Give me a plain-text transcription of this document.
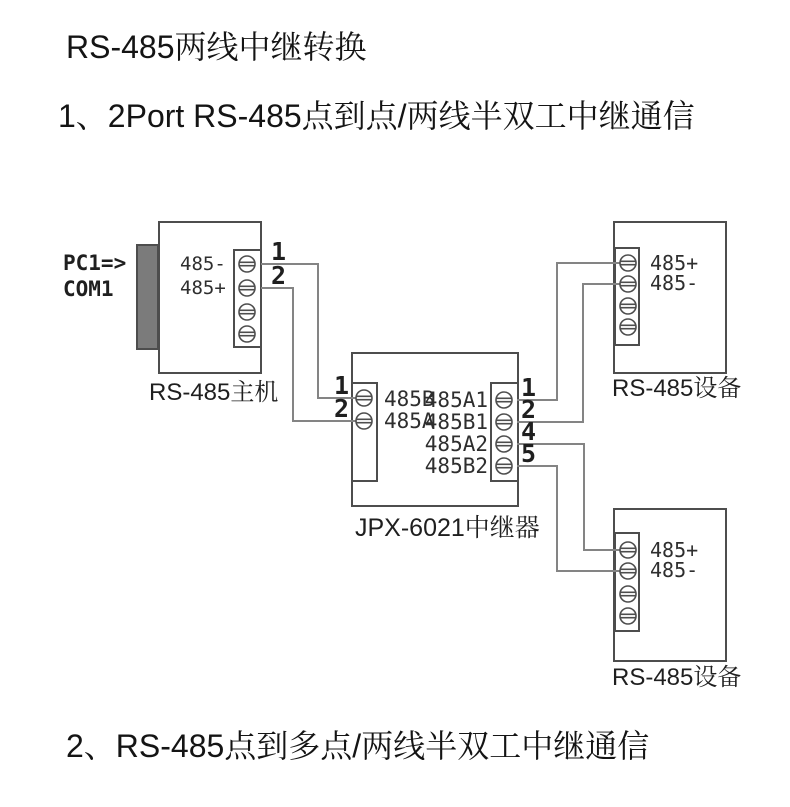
RS-485两线中继转换
1、2Port RS-485点到点/两线半双工中继通信
2、RS-485点到多点/两线半双工中继通信
PC1=>
COM1
485-
485+
1
2
RS-485主机 1
2 485B
485A
485A1
485B1
485A2
485B2
1
2
4
5
JPX-6021中继器
485+
485-
RS-485设备
485+
485-
RS-485设备
